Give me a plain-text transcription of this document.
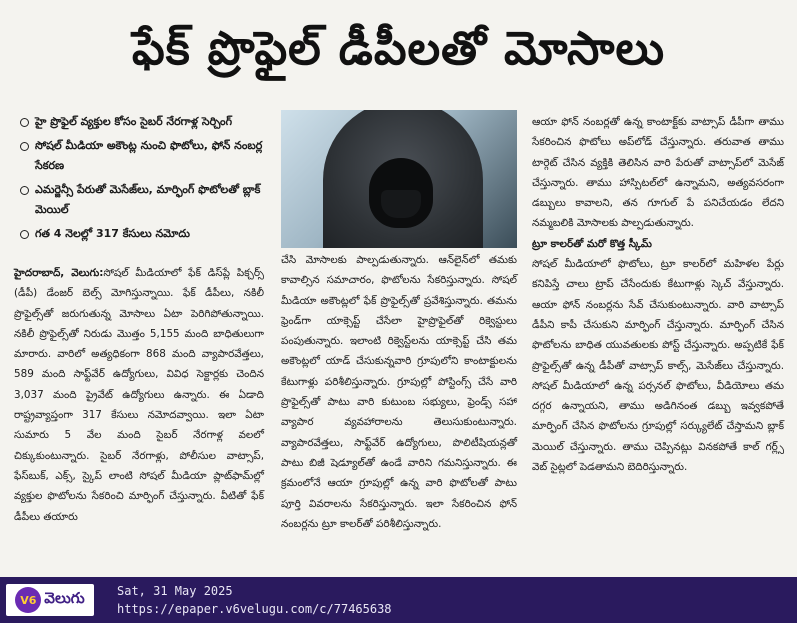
ఫేక్ ప్రొఫైల్ డీపీలతో మోసాలు
హై ప్రొఫైల్ వ్యక్తుల కోసం సైబర్ నేరగాళ్ల సెర్చింగ్
సోషల్ మీడియా అకౌంట్ల నుంచి ఫొటోలు, ఫోన్ నంబర్ల సేకరణ
ఎమర్జెన్సీ పేరుతో మెసేజ్‌లు, మార్ఫింగ్ ఫొటోలతో బ్లాక్ మెయిల్
గత 4 నెలల్లో 317 కేసులు నమోదు

హైదరాబాద్, వెలుగు:సోషల్ మీడియాలో ఫేక్ డిస్‌ప్లే పిక్చర్స్ (డీపీ) డేంజర్ బెల్స్ మోగిస్తున్నాయి. ఫేక్ డీపీలు, నకిలీ ప్రొఫైల్స్‌తో జరుగుతున్న మోసాలు ఏటా పెరిగిపోతున్నాయి. నకిలీ ప్రొఫైల్స్‌తో నిరుడు మొత్తం 5,155 మంది బాధితులుగా మారారు. వారిలో అత్యధికంగా 868 మంది వ్యాపారవేత్తలు, 589 మంది సాఫ్ట్‌వేర్ ఉద్యోగులు, వివిధ సెక్టార్లకు చెందిన 3,037 మంది ప్రైవేట్ ఉద్యోగులు ఉన్నారు. ఈ ఏడాది రాష్ట్రవ్యాప్తంగా 317 కేసులు నమోదవ్వాయి. ఇలా ఏటా సుమారు 5 వేల మంది సైబర్ నేరగాళ్ల వలలో చిక్కుకుంటున్నారు. సైబర్ నేరగాళ్లు, పోలీసుల వాట్సాప్, ఫేస్‌బుక్, ఎక్స్, స్కైప్ లాంటి సోషల్ మీడియా ప్లాట్‌ఫామ్‌ల్లో వ్యక్తుల ఫొటోలను సేకరించి మార్ఫింగ్ చేస్తున్నారు. వీటితో ఫేక్ డీపీలు తయారు

చేసి మోసాలకు పాల్పడుతున్నారు. ఆన్‌లైన్‌లో తమకు కావాల్సిన సమాచారం, ఫొటోలను సేకరిస్తున్నారు. సోషల్ మీడియా అకౌంట్లలో ఫేక్ ప్రొఫైల్స్‌తో ప్రవేశిస్తున్నారు. తమను ఫ్రెండ్‌గా యాక్సెప్ట్ చేసేలా హైప్రొఫైల్‌తో రిక్వెస్టులు పంపుతున్నారు. ఇలాంటి రిక్వెస్ట్‌లను యాక్సెప్ట్ చేసి తమ అకౌంట్లలో యాడ్ చేసుకున్నవారి గ్రూపులోని కాంటాక్టులను కేటుగాళ్లు పరిశీలిస్తున్నారు. గ్రూపుల్లో పోస్టింగ్స్ చేసే వారి ప్రొఫైల్స్‌తో పాటు వారి కుటుంబ సభ్యులు, ఫ్రెండ్స్ సహా వ్యాపార వ్యవహారాలను తెలుసుకుంటున్నారు. వ్యాపారవేత్తలు, సాఫ్ట్‌వేర్ ఉద్యోగులు, పొలిటీషియన్లతో పాటు బిజీ షెడ్యూల్‌తో ఉండే వారిని గమనిస్తున్నారు. ఈ క్రమంలోనే ఆయా గ్రూపుల్లో ఉన్న వారి ఫొటోలతో పాటు పూర్తి వివరాలను సేకరిస్తున్నారు. ఇలా సేకరించిన ఫోన్ నంబర్లను ట్రూ కాలర్‌తో పరిశీలిస్తున్నారు.

ఆయా ఫోన్ నంబర్లతో ఉన్న కాంటాక్ట్‌కు వాట్సాప్ డీపీగా తాము సేకరించిన ఫొటోలు అప్‌లోడ్ చేస్తున్నారు. తరువాత తాము టార్గెట్ చేసిన వ్యక్తికి తెలిసిన వారి పేరుతో వాట్సాప్‌లో మెసేజ్ చేస్తున్నారు. తాము హాస్పిటల్‌లో ఉన్నామని, అత్యవసరంగా డబ్బులు కావాలని, తన గూగుల్ పే పనిచేయడం లేదని నమ్మబలికి మోసాలకు పాల్పడుతున్నారు.

ట్రూ కాలర్‌తో మరో కొత్త స్కీమ్

సోషల్ మీడియాలో ఫొటోలు, ట్రూ కాలర్‌లో మహిళల పేర్లు కనిపిస్తే చాలు ట్రాప్ చేసేందుకు కేటుగాళ్లు స్కెచ్ వేస్తున్నారు. ఆయా ఫోన్ నంబర్లను సేవ్ చేసుకుంటున్నారు. వారి వాట్సాప్ డీపీని కాపీ చేసుకుని మార్ఫింగ్ చేస్తున్నారు. మార్ఫింగ్ చేసిన ఫొటోలను బాధిత యువతులకు పోస్ట్ చేస్తున్నారు. అప్పటికే ఫేక్ ప్రొఫైల్స్‌తో ఉన్న డీపీతో వాట్సాప్ కాల్స్, మెసేజ్‌లు చేస్తున్నారు. సోషల్ మీడియాలో ఉన్న పర్సనల్ ఫొటోలు, వీడియోలు తమ దగ్గర ఉన్నాయని, తాము అడిగినంత డబ్బు ఇవ్వకపోతే మార్ఫింగ్ చేసిన ఫొటోలను గ్రూపుల్లో సర్క్యులేట్ చేస్తామని బ్లాక్ మెయిల్ చేస్తున్నారు. తాము చెప్పినట్లు వినకపోతే కాల్ గర్ల్స్ వెబ్ సైట్లలో పెడతామని బెదిరిస్తున్నారు.

V6 వెలుగు	Sat, 31 May 2025
https://epaper.v6velugu.com/c/77465638
